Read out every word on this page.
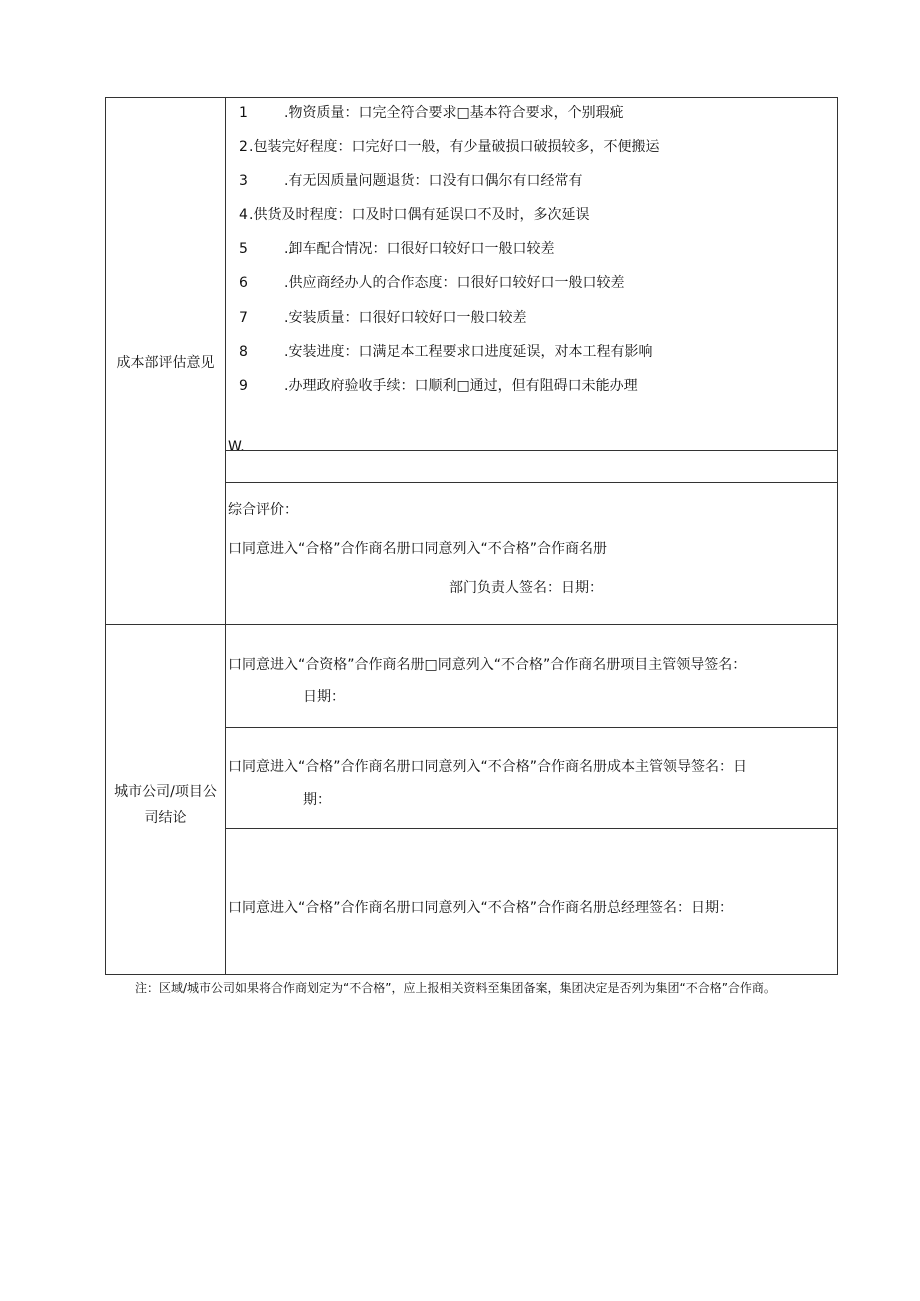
成本部评估意见
1	.物资质量：口完全符合要求□基本符合要求，个别瑕疵
2 .包装完好程度：口完好口一般，有少量破损口破损较多，不便搬运
3	.有无因质量问题退货：口没有口偶尔有口经常有
4 .供货及时程度：口及时口偶有延误口不及时，多次延误
5	.卸车配合情况：口很好口较好口一般口较差
6	.供应商经办人的合作态度：口很好口较好口一般口较差
7	.安装质量：口很好口较好口一般口较差
8	.安装进度：口满足本工程要求口进度延误，对本工程有影响
9	.办理政府验收手续：口顺利□通过，但有阻碍口未能办理
W.
综合评价：
口同意进入“合格”合作商名册口同意列入“不合格”合作商名册
部门负责人签名：日期：
城市公司/项目公
司结论
口同意进入“合资格”合作商名册□同意列入“不合格”合作商名册项目主管领导签名：
日期：
口同意进入“合格”合作商名册口同意列入“不合格”合作商名册成本主管领导签名：日
期：
口同意进入“合格”合作商名册口同意列入“不合格”合作商名册总经理签名：日期：
注：区域/城市公司如果将合作商划定为“不合格”，应上报相关资料至集团备案，集团决定是否列为集团“不合格”合作商。
